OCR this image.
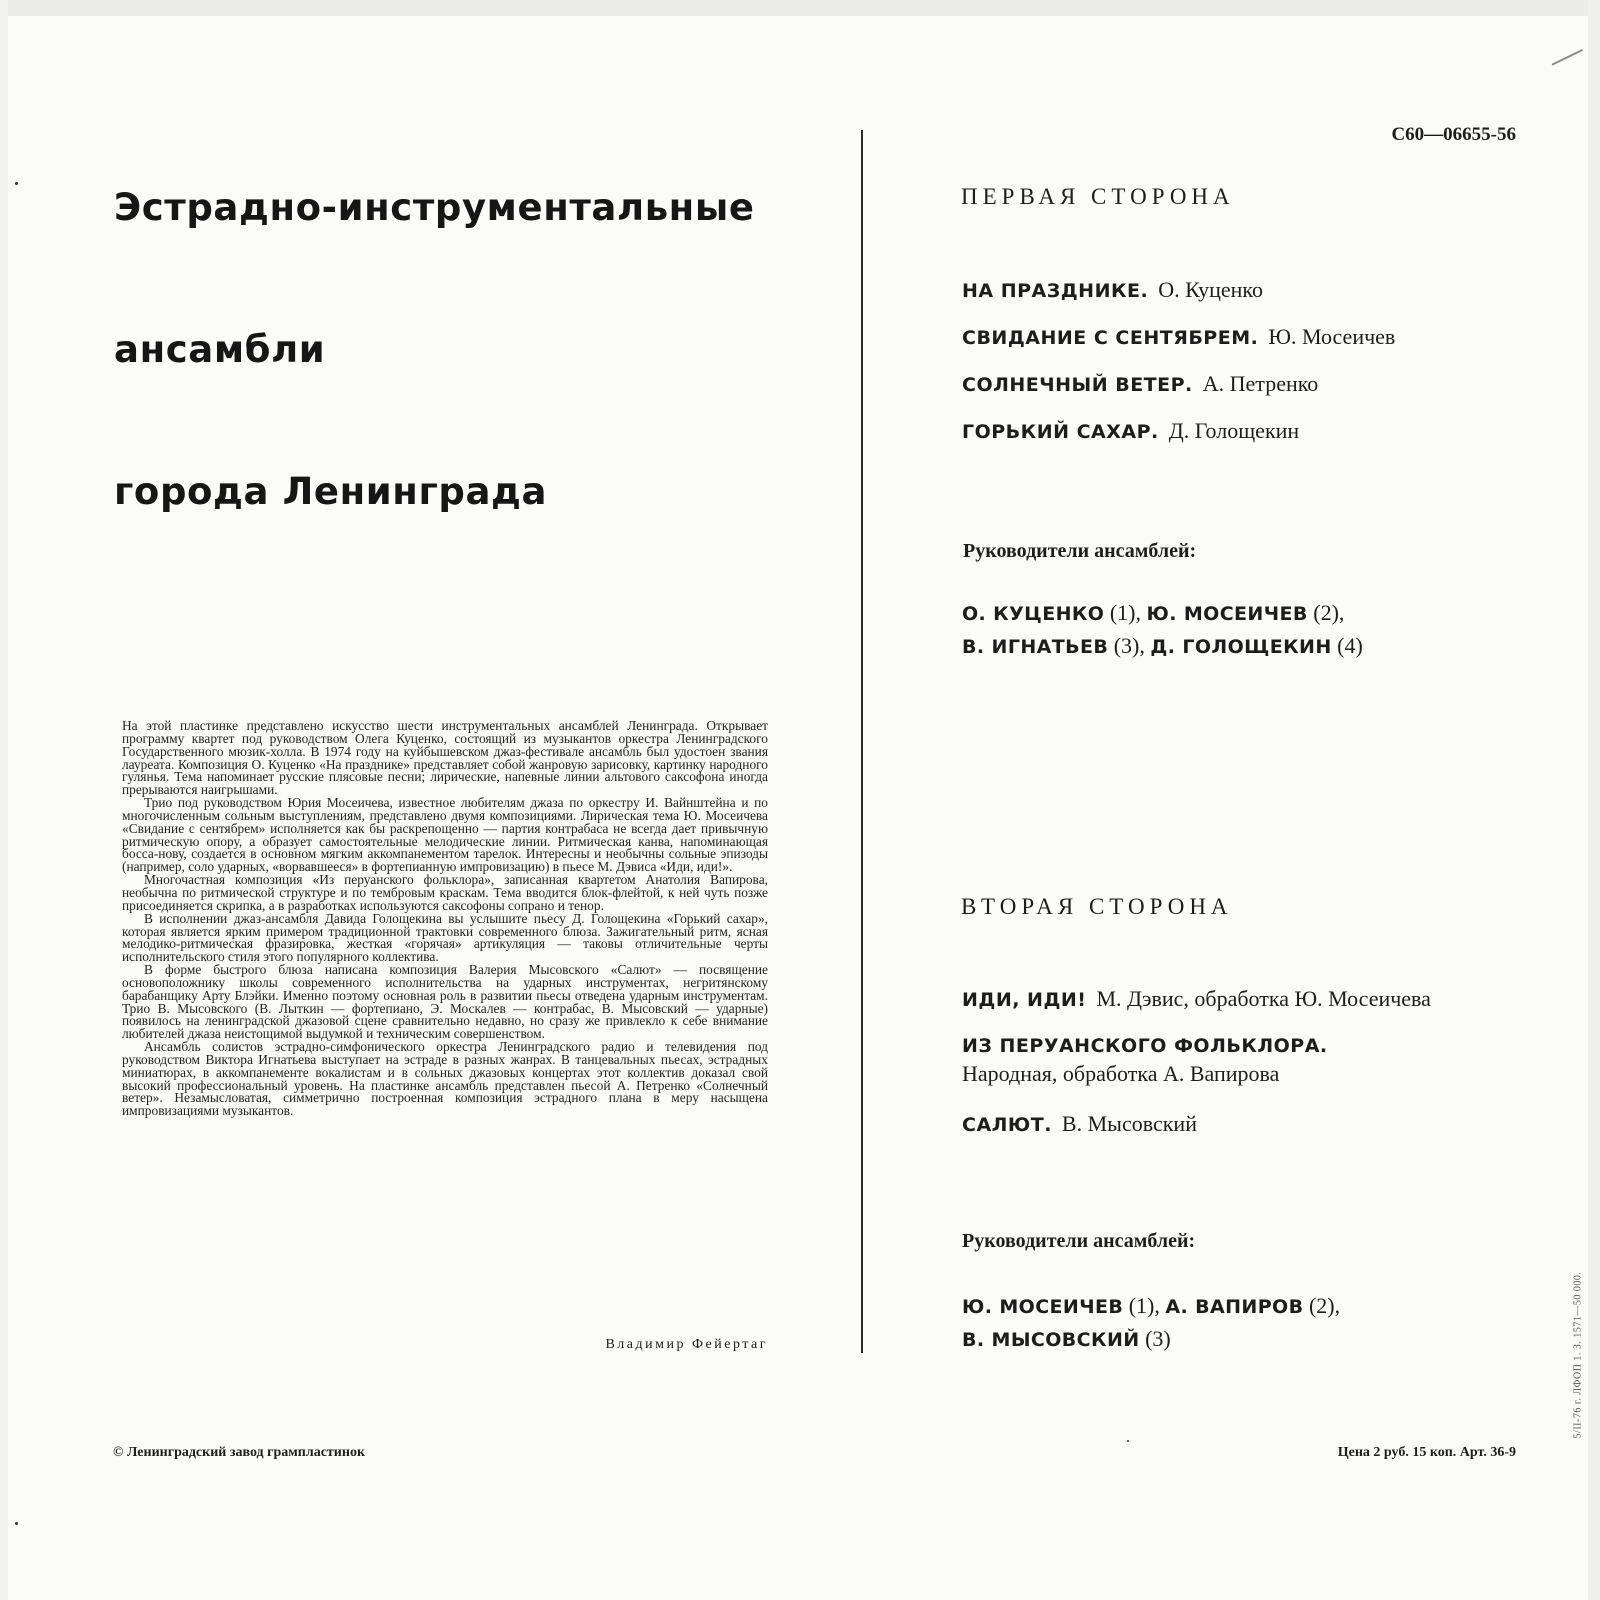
Эстрадно-инструментальные
ансамбли
города Ленинграда

На этой пластинке представлено искусство шести инструментальных ансамблей Ленинграда. Открывает программу квартет под руководством Олега Куценко, состоящий из музыкантов оркестра Ленинградского Государственного мюзик-холла. В 1974 году на куйбышевском джаз-фестивале ансамбль был удостоен звания лауреата. Композиция О. Куценко «На празднике» представляет собой жанровую зарисовку, картинку народного гулянья. Тема напоминает русские плясовые песни; лирические, напевные линии альтового саксофона иногда прерываются наигрышами.

Трио под руководством Юрия Мосеичева, известное любителям джаза по оркестру И. Вайнштейна и по многочисленным сольным выступлениям, представлено двумя композициями. Лирическая тема Ю. Мосеичева «Свидание с сентябрем» исполняется как бы раскрепощенно — партия контрабаса не всегда дает привычную ритмическую опору, а образует самостоятельные мелодические линии. Ритмическая канва, напоминающая босса-нову, создается в основном мягким аккомпанементом тарелок. Интересны и необычны сольные эпизоды (например, соло ударных, «ворвавшееся» в фортепианную импровизацию) в пьесе М. Дэвиса «Иди, иди!».

Многочастная композиция «Из перуанского фольклора», записанная квартетом Анатолия Вапирова, необычна по ритмической структуре и по тембровым краскам. Тема вводится блок-флейтой, к ней чуть позже присоединяется скрипка, а в разработках используются саксофоны сопрано и тенор.

В исполнении джаз-ансамбля Давида Голощекина вы услышите пьесу Д. Голощекина «Горький сахар», которая является ярким примером традиционной трактовки современного блюза. Зажигательный ритм, ясная мелодико-ритмическая фразировка, жесткая «горячая» артикуляция — таковы отличительные черты исполнительского стиля этого популярного коллектива.

В форме быстрого блюза написана композиция Валерия Мысовского «Салют» — посвящение основоположнику школы современного исполнительства на ударных инструментах, негритянскому барабанщику Арту Блэйки. Именно поэтому основная роль в развитии пьесы отведена ударным инструментам. Трио В. Мысовского (В. Лыткин — фортепиано, Э. Москалев — контрабас, В. Мысовский — ударные) появилось на ленинградской джазовой сцене сравнительно недавно, но сразу же привлекло к себе внимание любителей джаза неистощимой выдумкой и техническим совершенством.

Ансамбль солистов эстрадно-симфонического оркестра Ленинградского радио и телевидения под руководством Виктора Игнатьева выступает на эстраде в разных жанрах. В танцевальных пьесах, эстрадных миниатюрах, в аккомпанементе вокалистам и в сольных джазовых концертах этот коллектив доказал свой высокий профессиональный уровень. На пластинке ансамбль представлен пьесой А. Петренко «Солнечный ветер». Незамысловатая, симметрично построенная композиция эстрадного плана в меру насыщена импровизациями музыкантов.

Владимир Фейертаг
С60—06655-56
ПЕРВАЯ СТОРОНА
НА ПРАЗДНИКЕ. О. Куценко
СВИДАНИЕ С СЕНТЯБРЕМ. Ю. Мосеичев
СОЛНЕЧНЫЙ ВЕТЕР. А. Петренко
ГОРЬКИЙ САХАР. Д. Голощекин
Руководители ансамблей:
О. КУЦЕНКО (1), Ю. МОСЕИЧЕВ (2),
В. ИГНАТЬЕВ (3), Д. ГОЛОЩЕКИН (4)
ВТОРАЯ СТОРОНА
ИДИ, ИДИ! М. Дэвис, обработка Ю. Мосеичева
ИЗ ПЕРУАНСКОГО ФОЛЬКЛОРА.
Народная, обработка А. Вапирова
САЛЮТ. В. Мысовский
Руководители ансамблей:
Ю. МОСЕИЧЕВ (1), А. ВАПИРОВ (2),
В. МЫСОВСКИЙ (3)
© Ленинградский завод грампластинок	Цена 2 руб. 15 коп. Арт. 36-9
5/II-76 г. ЛФОП 1. З. 1571—50 000.
